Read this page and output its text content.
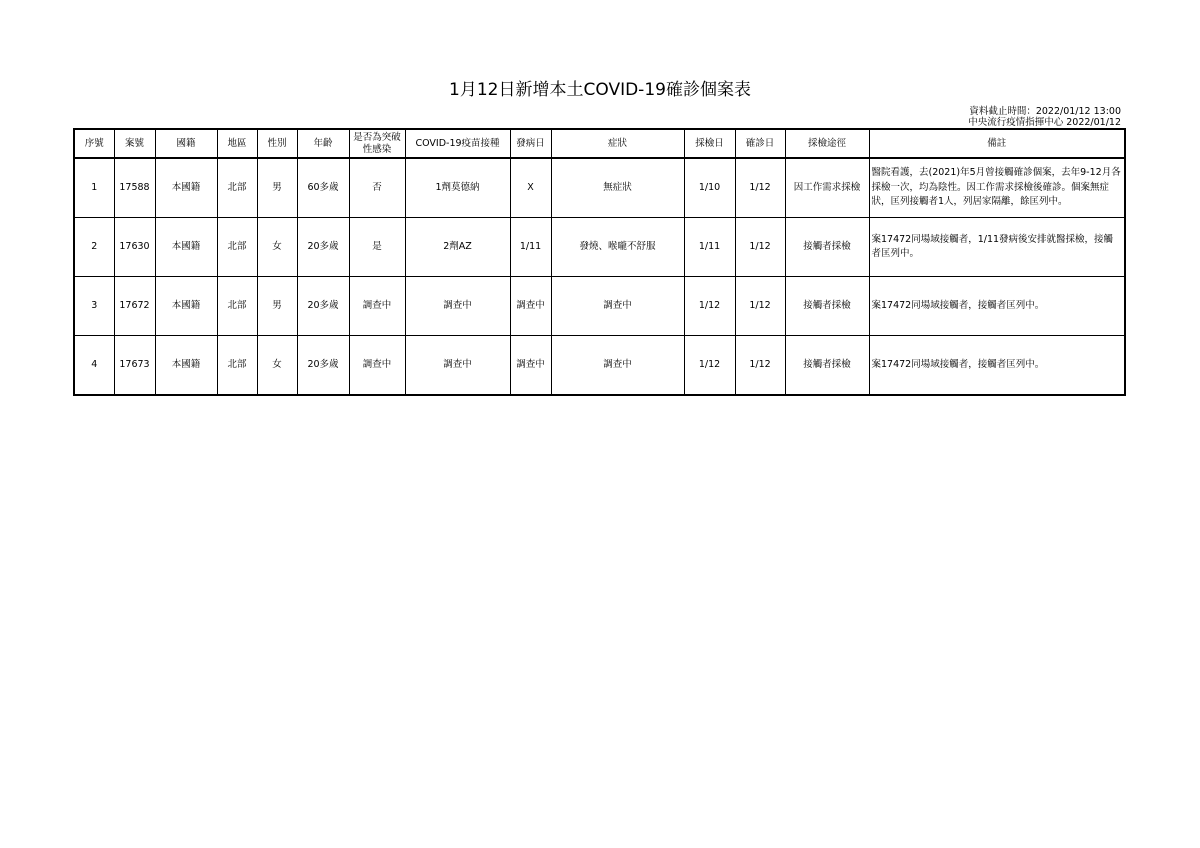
1月12日新增本土COVID-19確診個案表
資料截止時間：2022/01/12 13:00
中央流行疫情指揮中心 2022/01/12
序號	案號	國籍	地區	性別	年齡	是否為突破性感染	COVID-19疫苗接種	發病日	症狀	採檢日	確診日	採檢途徑	備註
1	17588	本國籍	北部	男	60多歲	否	1劑莫德納	X	無症狀	1/10	1/12	因工作需求採檢	醫院看護，去(2021)年5月曾接觸確診個案，去年9-12月各採檢一次，均為陰性。因工作需求採檢後確診。個案無症狀，匡列接觸者1人，列居家隔離，餘匡列中。
2	17630	本國籍	北部	女	20多歲	是	2劑AZ	1/11	發燒、喉嚨不舒服	1/11	1/12	接觸者採檢	案17472同場域接觸者，1/11發病後安排就醫採檢，接觸者匡列中。
3	17672	本國籍	北部	男	20多歲	調查中	調查中	調查中	調查中	1/12	1/12	接觸者採檢	案17472同場域接觸者，接觸者匡列中。
4	17673	本國籍	北部	女	20多歲	調查中	調查中	調查中	調查中	1/12	1/12	接觸者採檢	案17472同場域接觸者，接觸者匡列中。
